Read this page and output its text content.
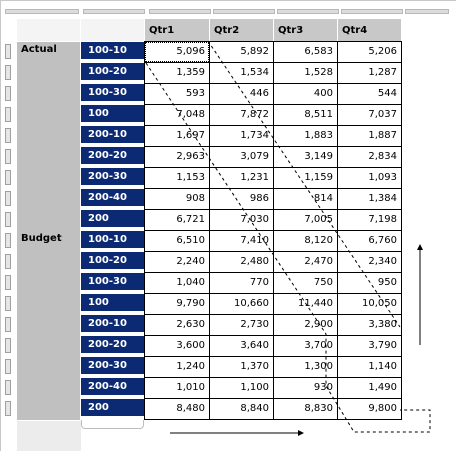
Qtr1	Qtr2	Qtr3	Qtr4
Actual	100-10	5,096	5,892	6,583	5,206
100-20	1,359	1,534	1,528	1,287
100-30	593	446	400	544
100	7,048	7,872	8,511	7,037
200-10	1,697	1,734	1,883	1,887
200-20	2,963	3,079	3,149	2,834
200-30	1,153	1,231	1,159	1,093
200-40	908	986	814	1,384
200	6,721	7,030	7,005	7,198
Budget	100-10	6,510	7,410	8,120	6,760
100-20	2,240	2,480	2,470	2,340
100-30	1,040	770	750	950
100	9,790	10,660	11,440	10,050
200-10	2,630	2,730	2,900	3,380
200-20	3,600	3,640	3,700	3,790
200-30	1,240	1,370	1,300	1,140
200-40	1,010	1,100	930	1,490
200	8,480	8,840	8,830	9,800
